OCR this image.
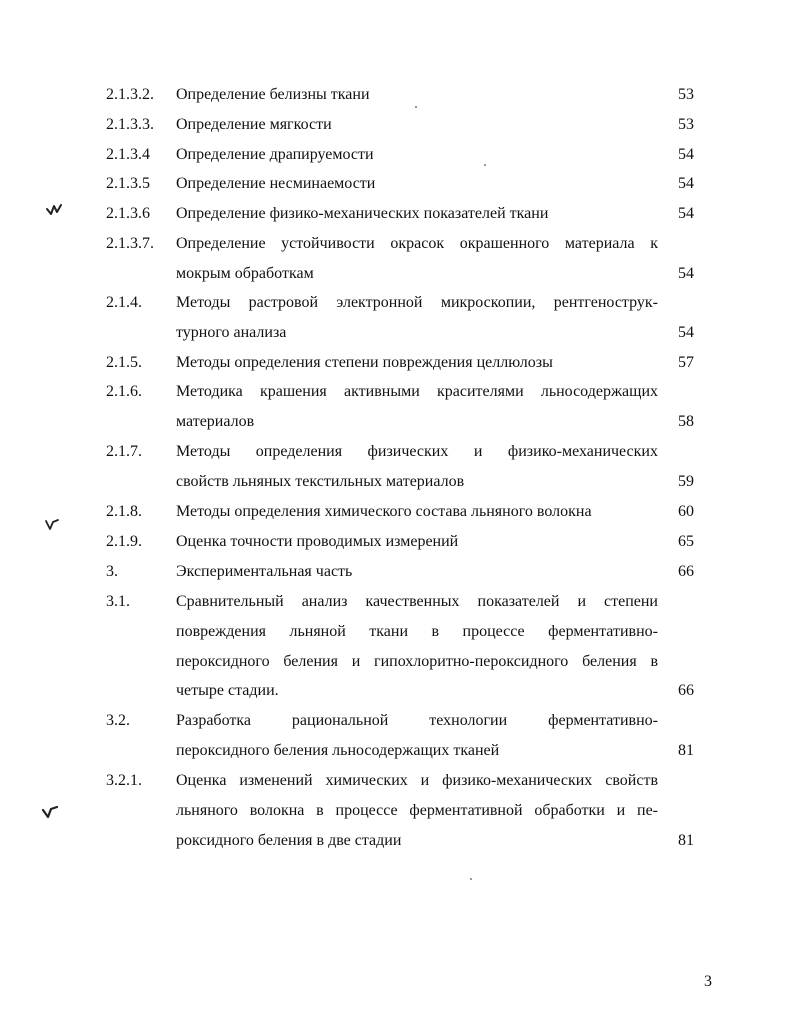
2.1.3.2. Определение белизны ткани	53
2.1.3.3. Определение мягкости	53
2.1.3.4 Определение драпируемости	54
2.1.3.5 Определение несминаемости	54
2.1.3.6 Определение физико-механических показателей ткани	54
2.1.3.7. Определение устойчивости окрасок окрашенного материала к
мокрым обработкам	54
2.1.4. Методы растровой электронной микроскопии, рентгенострук-
турного анализа	54
2.1.5. Методы определения степени повреждения целлюлозы	57
2.1.6. Методика крашения активными красителями льносодержащих
материалов	58
2.1.7. Методы определения физических и физико-механических
свойств льняных текстильных материалов	59
2.1.8. Методы определения химического состава льняного волокна	60
2.1.9. Оценка точности проводимых измерений	65
3.	Экспериментальная часть	66
3.1.	Сравнительный анализ качественных показателей и степени
повреждения льняной ткани в процессе ферментативно-
пероксидного беления и гипохлоритно-пероксидного беления в
четыре стадии.	66
3.2.	Разработка рациональной технологии ферментативно-
пероксидного беления льносодержащих тканей	81
3.2.1. Оценка изменений химических и физико-механических свойств
льняного волокна в процессе ферментативной обработки и пе-
роксидного беления в две стадии	81
3
